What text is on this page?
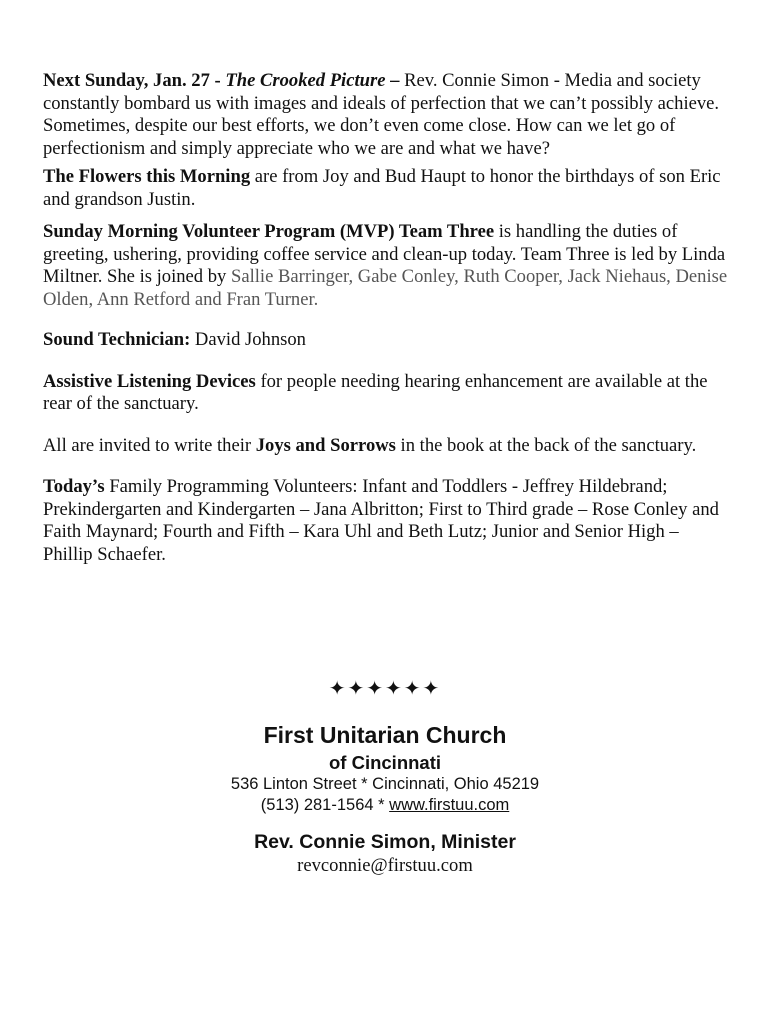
Next Sunday, Jan. 27 - The Crooked Picture – Rev. Connie Simon - Media and society constantly bombard us with images and ideals of perfection that we can’t possibly achieve. Sometimes, despite our best efforts, we don’t even come close. How can we let go of perfectionism and simply appreciate who we are and what we have?

The Flowers this Morning are from Joy and Bud Haupt to honor the birthdays of son Eric and grandson Justin.

Sunday Morning Volunteer Program (MVP) Team Three is handling the duties of greeting, ushering, providing coffee service and clean-up today. Team Three is led by Linda Miltner. She is joined by Sallie Barringer, Gabe Conley, Ruth Cooper, Jack Niehaus, Denise Olden, Ann Retford and Fran Turner.

Sound Technician: David Johnson

Assistive Listening Devices for people needing hearing enhancement are available at the rear of the sanctuary.

All are invited to write their Joys and Sorrows in the book at the back of the sanctuary.

Today’s Family Programming Volunteers: Infant and Toddlers - Jeffrey Hildebrand; Prekindergarten and Kindergarten – Jana Albritton; First to Third grade – Rose Conley and Faith Maynard; Fourth and Fifth – Kara Uhl and Beth Lutz; Junior and Senior High – Phillip Schaefer.

✦✦✦✦✦✦
First Unitarian Church
of Cincinnati
536 Linton Street * Cincinnati, Ohio 45219
(513) 281-1564 * www.firstuu.com
Rev. Connie Simon, Minister
revconnie@firstuu.com
